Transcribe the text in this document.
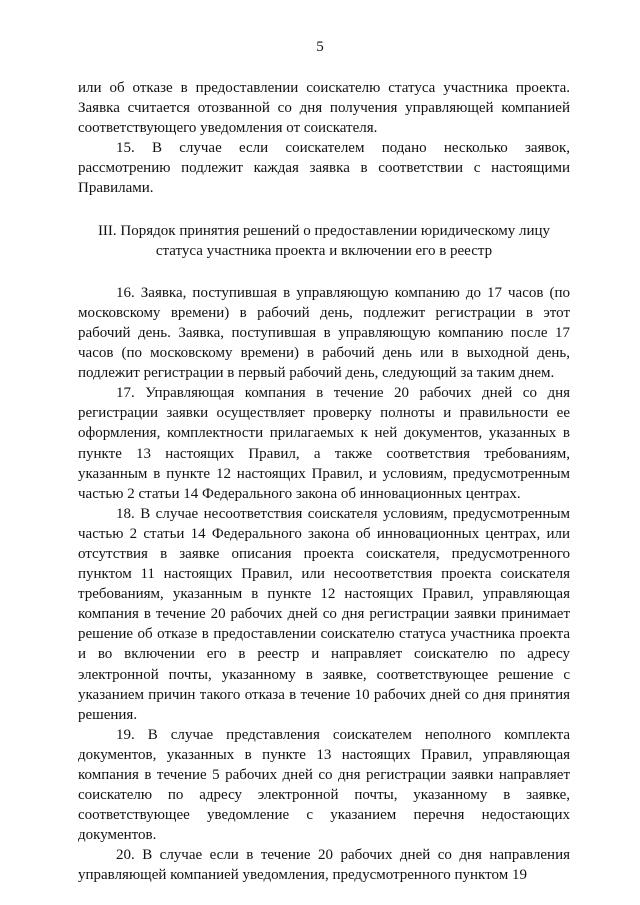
5

или об отказе в предоставлении соискателю статуса участника проекта. Заявка считается отозванной со дня получения управляющей компанией соответствующего уведомления от соискателя.

15. В случае если соискателем подано несколько заявок, рассмотрению подлежит каждая заявка в соответствии с настоящими Правилами.

III. Порядок принятия решений о предоставлении юридическому лицу статуса участника проекта и включении его в реестр

16. Заявка, поступившая в управляющую компанию до 17 часов (по московскому времени) в рабочий день, подлежит регистрации в этот рабочий день. Заявка, поступившая в управляющую компанию после 17 часов (по московскому времени) в рабочий день или в выходной день, подлежит регистрации в первый рабочий день, следующий за таким днем.

17. Управляющая компания в течение 20 рабочих дней со дня регистрации заявки осуществляет проверку полноты и правильности ее оформления, комплектности прилагаемых к ней документов, указанных в пункте 13 настоящих Правил, а также соответствия требованиям, указанным в пункте 12 настоящих Правил, и условиям, предусмотренным частью 2 статьи 14 Федерального закона об инновационных центрах.

18. В случае несоответствия соискателя условиям, предусмотренным частью 2 статьи 14 Федерального закона об инновационных центрах, или отсутствия в заявке описания проекта соискателя, предусмотренного пунктом 11 настоящих Правил, или несоответствия проекта соискателя требованиям, указанным в пункте 12 настоящих Правил, управляющая компания в течение 20 рабочих дней со дня регистрации заявки принимает решение об отказе в предоставлении соискателю статуса участника проекта и во включении его в реестр и направляет соискателю по адресу электронной почты, указанному в заявке, соответствующее решение с указанием причин такого отказа в течение 10 рабочих дней со дня принятия решения.

19. В случае представления соискателем неполного комплекта документов, указанных в пункте 13 настоящих Правил, управляющая компания в течение 5 рабочих дней со дня регистрации заявки направляет соискателю по адресу электронной почты, указанному в заявке, соответствующее уведомление с указанием перечня недостающих документов.

20. В случае если в течение 20 рабочих дней со дня направления управляющей компанией уведомления, предусмотренного пунктом 19
